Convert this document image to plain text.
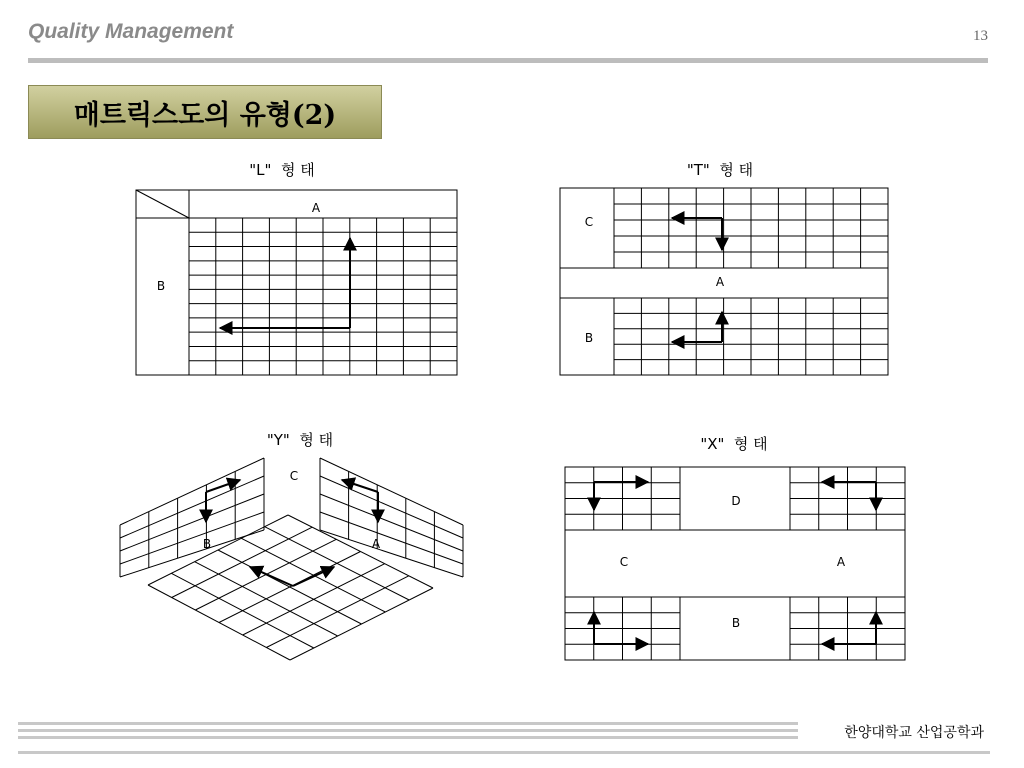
Quality Management	13
매트릭스도의 유형(2)
"L"  형 태
A
B
"T"  형 태
C
A
B
"Y"  형 태
C
B	A
"X"  형 태
D
C	A
B
한양대학교 산업공학과
